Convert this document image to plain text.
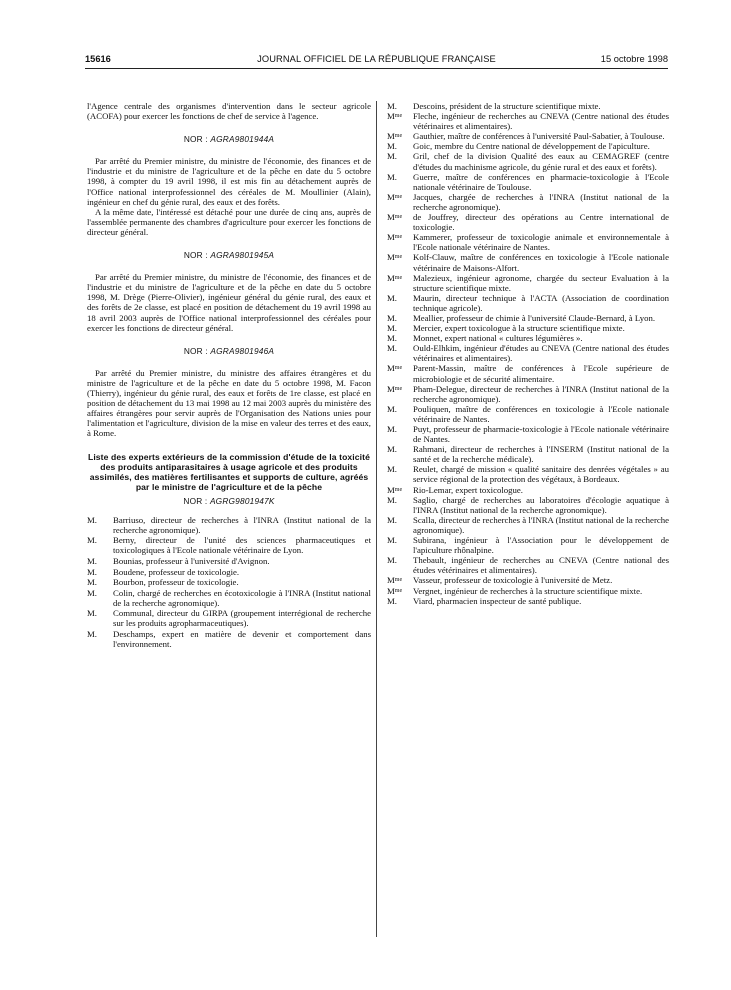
15616	JOURNAL OFFICIEL DE LA RÉPUBLIQUE FRANÇAISE	15 octobre 1998

l'Agence centrale des organismes d'intervention dans le secteur agricole (ACOFA) pour exercer les fonctions de chef de service à l'agence.

NOR : AGRA9801944A

Par arrêté du Premier ministre, du ministre de l'économie, des finances et de l'industrie et du ministre de l'agriculture et de la pêche en date du 5 octobre 1998, à compter du 19 avril 1998, il est mis fin au détachement auprès de l'Office national interprofessionnel des céréales de M. Moullinier (Alain), ingénieur en chef du génie rural, des eaux et des forêts.

A la même date, l'intéressé est détaché pour une durée de cinq ans, auprès de l'assemblée permanente des chambres d'agriculture pour exercer les fonctions de directeur général.

NOR : AGRA9801945A

Par arrêté du Premier ministre, du ministre de l'économie, des finances et de l'industrie et du ministre de l'agriculture et de la pêche en date du 5 octobre 1998, M. Drège (Pierre-Olivier), ingénieur général du génie rural, des eaux et des forêts de 2e classe, est placé en position de détachement du 19 avril 1998 au 18 avril 2003 auprès de l'Office national interprofessionnel des céréales pour exercer les fonctions de directeur général.

NOR : AGRA9801946A

Par arrêté du Premier ministre, du ministre des affaires étrangères et du ministre de l'agriculture et de la pêche en date du 5 octobre 1998, M. Facon (Thierry), ingénieur du génie rural, des eaux et forêts de 1re classe, est placé en position de détachement du 13 mai 1998 au 12 mai 2003 auprès du ministère des affaires étrangères pour servir auprès de l'Organisation des Nations unies pour l'alimentation et l'agriculture, division de la mise en valeur des terres et des eaux, à Rome.

Liste des experts extérieurs de la commission d'étude de la toxicité des produits antiparasitaires à usage agricole et des produits assimilés, des matières fertilisantes et supports de culture, agréés par le ministre de l'agriculture et de la pêche

NOR : AGRG9801947K

M. Barriuso, directeur de recherches à l'INRA (Institut national de la recherche agronomique).

M. Berny, directeur de l'unité des sciences pharmaceutiques et toxicologiques à l'Ecole nationale vétérinaire de Lyon.

M. Bounias, professeur à l'université d'Avignon.

M. Boudene, professeur de toxicologie.

M. Bourbon, professeur de toxicologie.

M. Colin, chargé de recherches en écotoxicologie à l'INRA (Institut national de la recherche agronomique).

M. Communal, directeur du GIRPA (groupement interrégional de recherche sur les produits agropharmaceutiques).

M. Deschamps, expert en matière de devenir et comportement dans l'environnement.

M. Descoins, président de la structure scientifique mixte.

$M^{me}$ Fleche, ingénieur de recherches au CNEVA (Centre national des études vétérinaires et alimentaires).

$M^{me}$ Gauthier, maître de conférences à l'université Paul-Sabatier, à Toulouse.

M. Goic, membre du Centre national de développement de l'apiculture.

M. Gril, chef de la division Qualité des eaux au CEMAGREF (centre d'études du machinisme agricole, du génie rural et des eaux et forêts).

M. Guerre, maître de conférences en pharmacie-toxicologie à l'Ecole nationale vétérinaire de Toulouse.

$M^{me}$ Jacques, chargée de recherches à l'INRA (Institut national de la recherche agronomique).

$M^{me}$ de Jouffrey, directeur des opérations au Centre international de toxicologie.

$M^{me}$ Kammerer, professeur de toxicologie animale et environnementale à l'Ecole nationale vétérinaire de Nantes.

$M^{me}$ Kolf-Clauw, maître de conférences en toxicologie à l'Ecole nationale vétérinaire de Maisons-Alfort.

$M^{me}$ Malezieux, ingénieur agronome, chargée du secteur Evaluation à la structure scientifique mixte.

M. Maurin, directeur technique à l'ACTA (Association de coordination technique agricole).

M. Meallier, professeur de chimie à l'université Claude-Bernard, à Lyon.

M. Mercier, expert toxicologue à la structure scientifique mixte.

M. Monnet, expert national « cultures légumières ».

M. Ould-Elhkim, ingénieur d'études au CNEVA (Centre national des études vétérinaires et alimentaires).

$M^{me}$ Parent-Massin, maître de conférences à l'Ecole supérieure de microbiologie et de sécurité alimentaire.

$M^{me}$ Pham-Delegue, directeur de recherches à l'INRA (Institut national de la recherche agronomique).

M. Pouliquen, maître de conférences en toxicologie à l'Ecole nationale vétérinaire de Nantes.

M. Puyt, professeur de pharmacie-toxicologie à l'Ecole nationale vétérinaire de Nantes.

M. Rahmani, directeur de recherches à l'INSERM (Institut national de la santé et de la recherche médicale).

M. Reulet, chargé de mission « qualité sanitaire des denrées végétales » au service régional de la protection des végétaux, à Bordeaux.

$M^{me}$ Rio-Lemar, expert toxicologue.

M. Saglio, chargé de recherches au laboratoires d'écologie aquatique à l'INRA (Institut national de la recherche agronomique).

M. Scalla, directeur de recherches à l'INRA (Institut national de la recherche agronomique).

M. Subirana, ingénieur à l'Association pour le développement de l'apiculture rhônalpine.

M. Thebault, ingénieur de recherches au CNEVA (Centre national des études vétérinaires et alimentaires).

$M^{me}$ Vasseur, professeur de toxicologie à l'université de Metz.

$M^{me}$ Vergnet, ingénieur de recherches à la structure scientifique mixte.

M. Viard, pharmacien inspecteur de santé publique.
